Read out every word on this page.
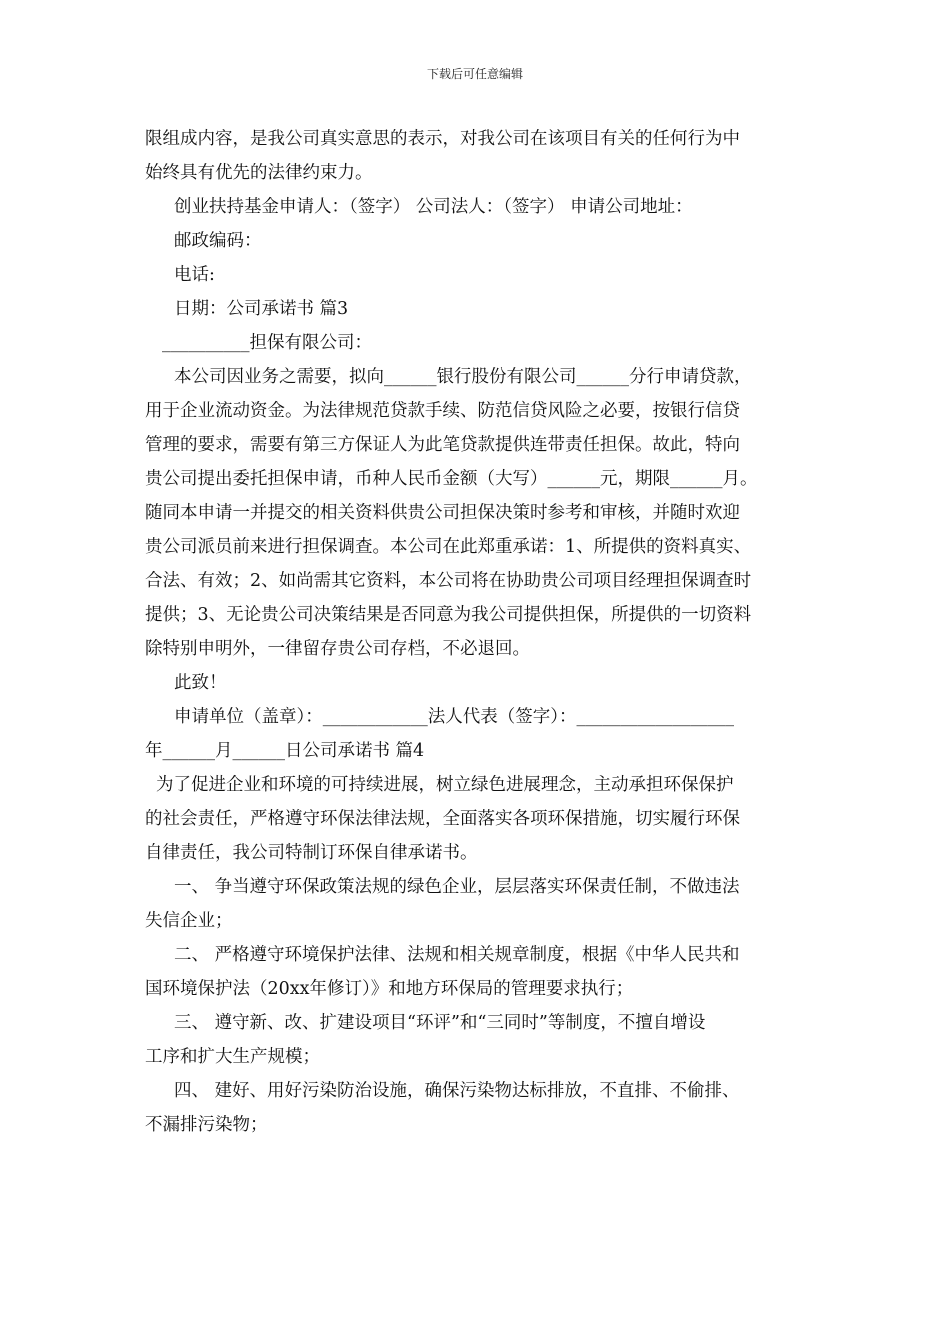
下载后可任意编辑
限组成内容，是我公司真实意思的表示，对我公司在该项目有关的任何行为中
始终具有优先的法律约束力。
创业扶持基金申请人：（签字） 公司法人：（签字） 申请公司地址：
邮政编码：
电话:
日期：公司承诺书 篇3
__________担保有限公司：
本公司因业务之需要，拟向______银行股份有限公司______分行申请贷款，
用于企业流动资金。为法律规范贷款手续、防范信贷风险之必要，按银行信贷
管理的要求，需要有第三方保证人为此笔贷款提供连带责任担保。故此，特向
贵公司提出委托担保申请，币种人民币金额（大写）______元，期限______月。
随同本申请一并提交的相关资料供贵公司担保决策时参考和审核，并随时欢迎
贵公司派员前来进行担保调查。本公司在此郑重承诺：1、所提供的资料真实、
合法、有效；2、如尚需其它资料，本公司将在协助贵公司项目经理担保调查时
提供；3、无论贵公司决策结果是否同意为我公司提供担保，所提供的一切资料
除特别申明外，一律留存贵公司存档，不必退回。
此致！
申请单位（盖章）：____________法人代表（签字）：__________________
年______月______日公司承诺书 篇4
为了促进企业和环境的可持续进展，树立绿色进展理念，主动承担环保保护
的社会责任，严格遵守环保法律法规，全面落实各项环保措施，切实履行环保
自律责任，我公司特制订环保自律承诺书。
一、 争当遵守环保政策法规的绿色企业，层层落实环保责任制，不做违法
失信企业；
二、 严格遵守环境保护法律、法规和相关规章制度，根据《中华人民共和
国环境保护法（20xx年修订）》和地方环保局的管理要求执行；
三、 遵守新、改、扩建设项目“环评”和“三同时”等制度，不擅自增设
工序和扩大生产规模；
四、 建好、用好污染防治设施，确保污染物达标排放，不直排、不偷排、
不漏排污染物；
